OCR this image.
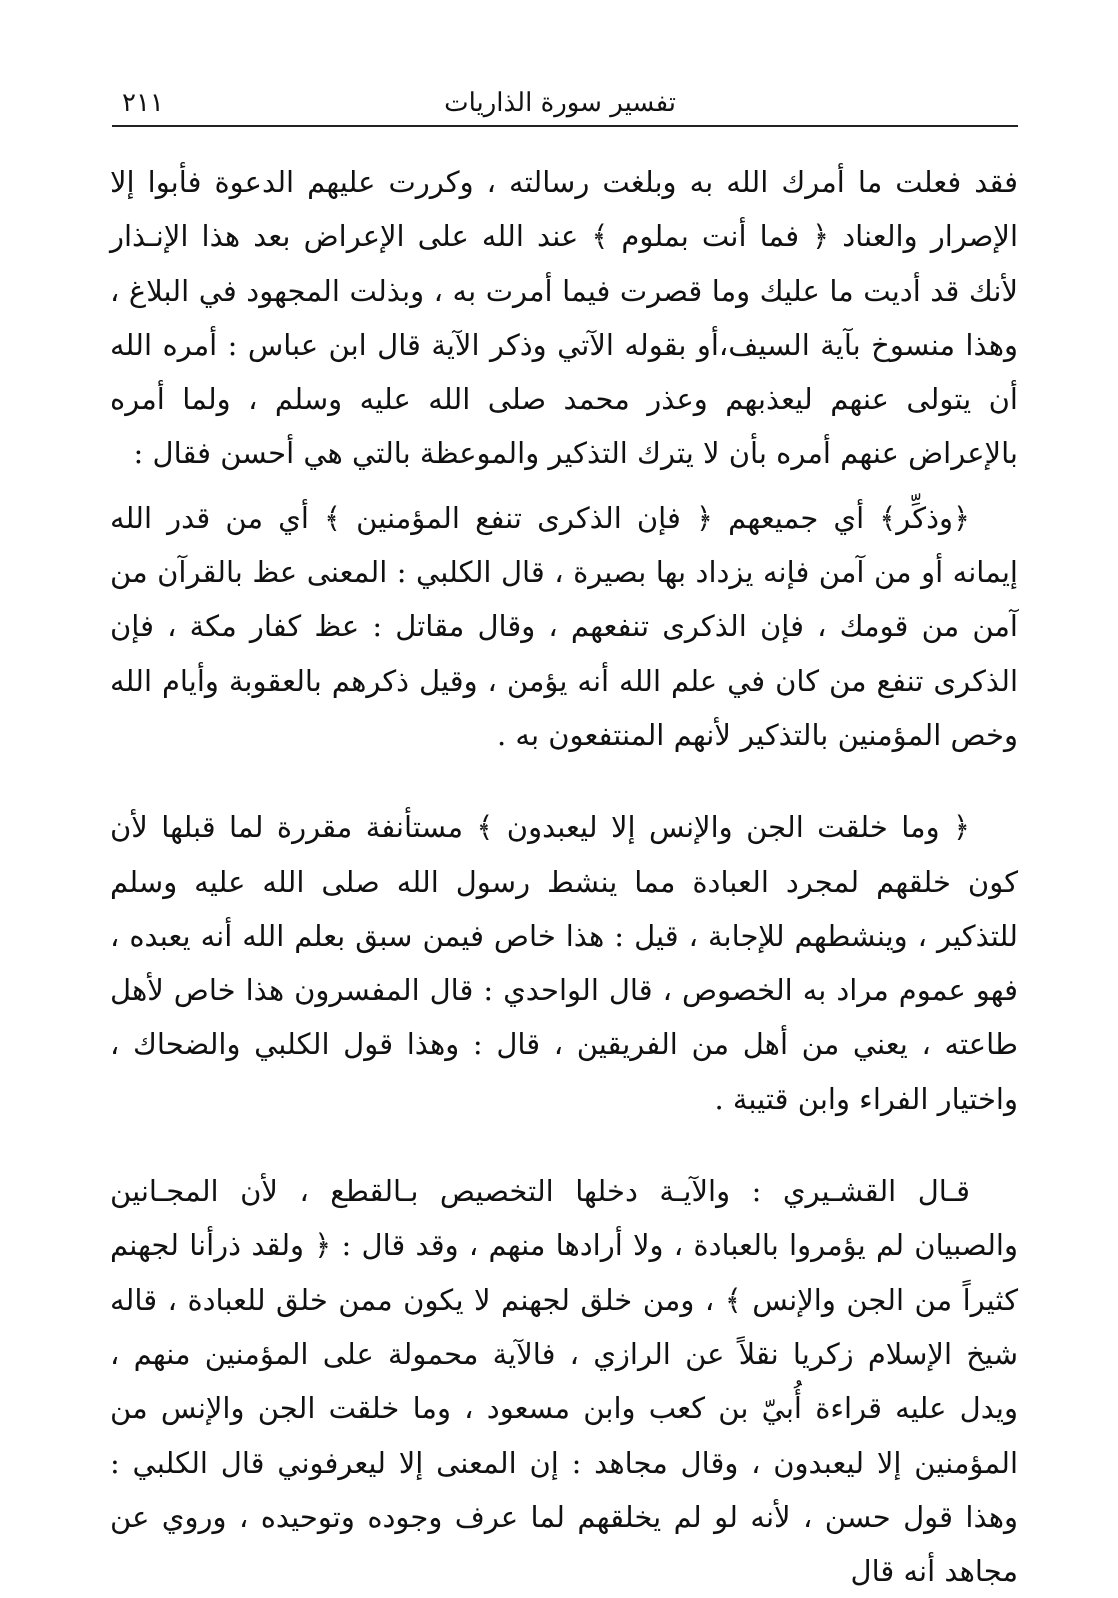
تفسير سورة الذاريات
٢١١

فقد فعلت ما أمرك الله به وبلغت رسالته ، وكررت عليهم الدعوة فأبوا إلا الإصرار والعناد ﴿ فما أنت بملوم ﴾ عند الله على الإعراض بعد هذا الإنـذار لأنك قد أديت ما عليك وما قصرت فيما أمرت به ، وبذلت المجهود في البلاغ ، وهذا منسوخ بآية السيف،أو بقوله الآتي وذكر الآية قال ابن عباس : أمره الله أن يتولى عنهم ليعذبهم وعذر محمد صلى الله عليه وسلم ، ولما أمره بالإعراض عنهم أمره بأن لا يترك التذكير والموعظة بالتي هي أحسن فقال :

﴿وذكِّر﴾ أي جميعهم ﴿ فإن الذكرى تنفع المؤمنين ﴾ أي من قدر الله إيمانه أو من آمن فإنه يزداد بها بصيرة ، قال الكلبي : المعنى عظ بالقرآن من آمن من قومك ، فإن الذكرى تنفعهم ، وقال مقاتل : عظ كفار مكة ، فإن الذكرى تنفع من كان في علم الله أنه يؤمن ، وقيل ذكرهم بالعقوبة وأيام الله وخص المؤمنين بالتذكير لأنهم المنتفعون به .

﴿ وما خلقت الجن والإنس إلا ليعبدون ﴾ مستأنفة مقررة لما قبلها لأن كون خلقهم لمجرد العبادة مما ينشط رسول الله صلى الله عليه وسلم للتذكير ، وينشطهم للإجابة ، قيل : هذا خاص فيمن سبق بعلم الله أنه يعبده ، فهو عموم مراد به الخصوص ، قال الواحدي : قال المفسرون هذا خاص لأهل طاعته ، يعني من أهل من الفريقين ، قال : وهذا قول الكلبي والضحاك ، واختيار الفراء وابن قتيبة .

قـال القشـيري : والآيـة دخلها التخصيص بـالقطع ، لأن المجـانين والصبيان لم يؤمروا بالعبادة ، ولا أرادها منهم ، وقد قال : ﴿ ولقد ذرأنا لجهنم كثيراً من الجن والإنس ﴾ ، ومن خلق لجهنم لا يكون ممن خلق للعبادة ، قاله شيخ الإسلام زكريا نقلاً عن الرازي ، فالآية محمولة على المؤمنين منهم ، ويدل عليه قراءة أُبيّ بن كعب وابن مسعود ، وما خلقت الجن والإنس من المؤمنين إلا ليعبدون ، وقال مجاهد : إن المعنى إلا ليعرفوني قال الكلبي : وهذا قول حسن ، لأنه لو لم يخلقهم لما عرف وجوده وتوحيده ، وروي عن مجاهد أنه قال
